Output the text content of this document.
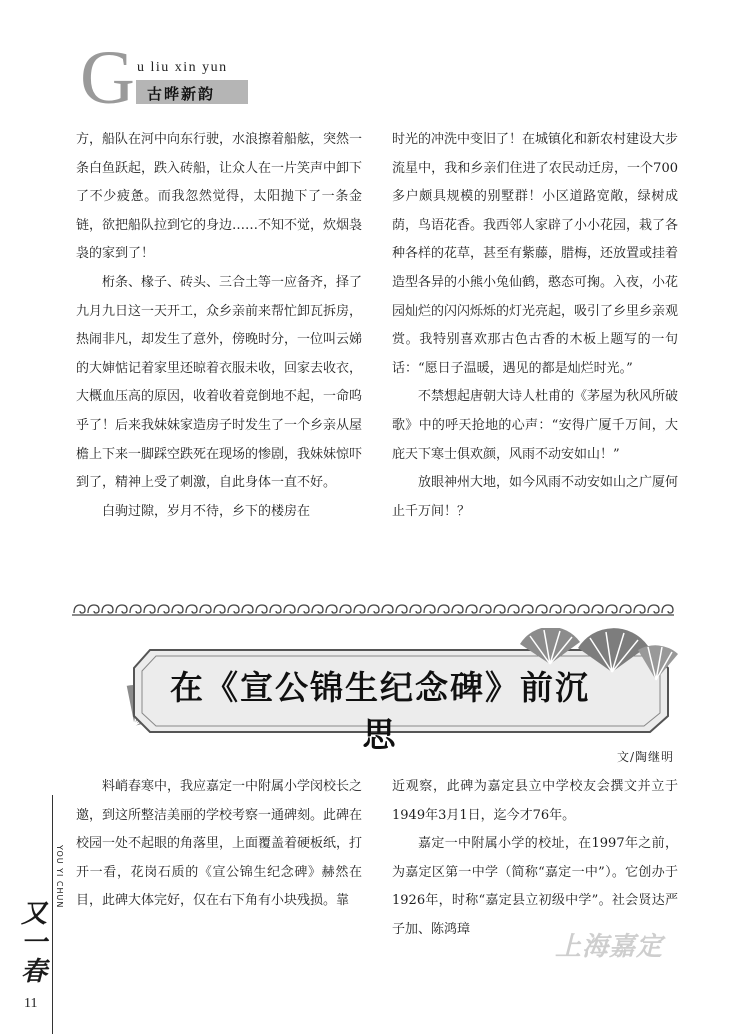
G u liu xin yun
古晔新韵

方，船队在河中向东行驶，水浪擦着船舷，突然一条白鱼跃起，跌入砖船，让众人在一片笑声中卸下了不少疲惫。而我忽然觉得，太阳抛下了一条金链，欲把船队拉到它的身边……不知不觉，炊烟袅袅的家到了！

桁条、椽子、砖头、三合土等一应备齐，择了九月九日这一天开工，众乡亲前来帮忙卸瓦拆房，热闹非凡，却发生了意外，傍晚时分，一位叫云娣的大婶惦记着家里还晾着衣服未收，回家去收衣，大概血压高的原因，收着收着竟倒地不起，一命呜乎了！后来我妹妹家造房子时发生了一个乡亲从屋檐上下来一脚踩空跌死在现场的惨剧，我妹妹惊吓到了，精神上受了刺激，自此身体一直不好。

白驹过隙，岁月不待，乡下的楼房在

时光的冲洗中变旧了！在城镇化和新农村建设大步流星中，我和乡亲们住进了农民动迁房，一个700多户颇具规模的别墅群！小区道路宽敞，绿树成荫，鸟语花香。我西邻人家辟了小小花园，栽了各种各样的花草，甚至有紫藤，腊梅，还放置或挂着造型各异的小熊小兔仙鹤，憨态可掬。入夜，小花园灿烂的闪闪烁烁的灯光亮起，吸引了乡里乡亲观赏。我特别喜欢那古色古香的木板上题写的一句话：“愿日子温暖，遇见的都是灿烂时光。”

不禁想起唐朝大诗人杜甫的《茅屋为秋风所破歌》中的呼天抢地的心声：“安得广厦千万间，大庇天下寒士俱欢颜，风雨不动安如山！”

放眼神州大地，如今风雨不动安如山之广厦何止千万间！？

在《宣公锦生纪念碑》前沉思
文/陶继明

料峭春寒中，我应嘉定一中附属小学闵校长之邀，到这所整洁美丽的学校考察一通碑刻。此碑在校园一处不起眼的角落里，上面覆盖着硬板纸，打开一看，花岗石质的《宣公锦生纪念碑》赫然在目，此碑大体完好，仅在右下角有小块残损。靠

近观察，此碑为嘉定县立中学校友会撰文并立于1949年3月1日，迄今才76年。

嘉定一中附属小学的校址，在1997年之前，为嘉定区第一中学（简称“嘉定一中”）。它创办于1926年，时称“嘉定县立初级中学”。社会贤达严子加、陈鸿璋

YOU YI CHUN
又一春
11
上海嘉定
